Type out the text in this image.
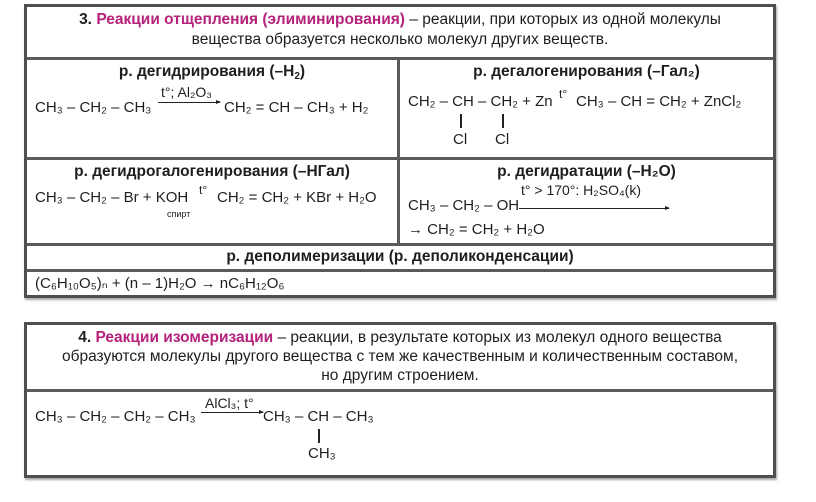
3. Реакции отщепления (элиминирования) – реакции, при которых из одной молекулы
вещества образуется несколько молекул других веществ.
р. дегидрирования $(-H_2)$
CH₃ – CH₂ – CH₃
t°; Al₂O₃
CH₂ = CH – CH₃ + H₂
р. дегалогенирования (–Гал₂)
CH₂ – CH – CH₂ + Zn t° CH₃ – CH = CH₂ + ZnCl₂
Cl Cl
р. дегидрогалогенирования (–НГал)
CH₃ – CH₂ – Br + KOH
спирт
t° CH₂ = CH₂ + KBr + H₂O
р. дегидратации (–H₂O)
CH₃ – CH₂ – OH
t° > 170°: H₂SO₄(k)
→ CH₂ = CH₂ + H₂O
р. деполимеризации (р. деполиконденсации)
(C₆H₁₀O₅)ₙ + (n – 1)H₂O → nC₆H₁₂O₆
4. Реакции изомеризации – реакции, в результате которых из молекул одного вещества
образуются молекулы другого вещества с тем же качественным и количественным составом,
но другим строением.
CH₃ – CH₂ – CH₂ – CH₃
AlCl₃; t°
CH₃ – CH – CH₃
CH₃
